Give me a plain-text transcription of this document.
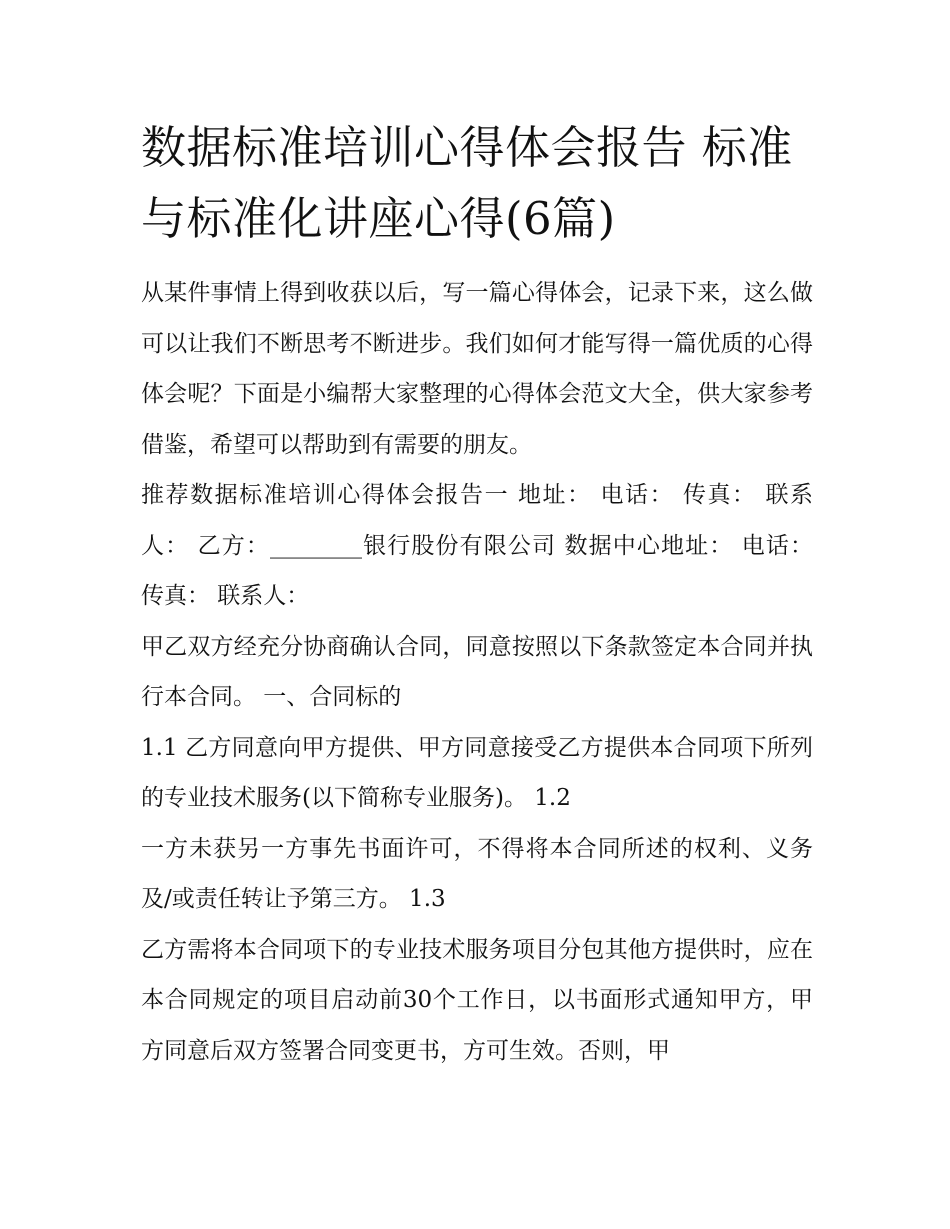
数据标准培训心得体会报告 标准与标准化讲座心得(6篇)

从某件事情上得到收获以后，写一篇心得体会，记录下来，这么做可以让我们不断思考不断进步。我们如何才能写得一篇优质的心得体会呢？下面是小编帮大家整理的心得体会范文大全，供大家参考借鉴，希望可以帮助到有需要的朋友。

推荐数据标准培训心得体会报告一 地址： 电话： 传真： 联系人： 乙方：________银行股份有限公司 数据中心地址： 电话： 传真： 联系人：

甲乙双方经充分协商确认合同，同意按照以下条款签定本合同并执行本合同。 一、合同标的

1.1 乙方同意向甲方提供、甲方同意接受乙方提供本合同项下所列的专业技术服务(以下简称专业服务)。 1.2

一方未获另一方事先书面许可，不得将本合同所述的权利、义务及/或责任转让予第三方。 1.3

乙方需将本合同项下的专业技术服务项目分包其他方提供时，应在本合同规定的项目启动前30个工作日，以书面形式通知甲方，甲方同意后双方签署合同变更书，方可生效。否则，甲
